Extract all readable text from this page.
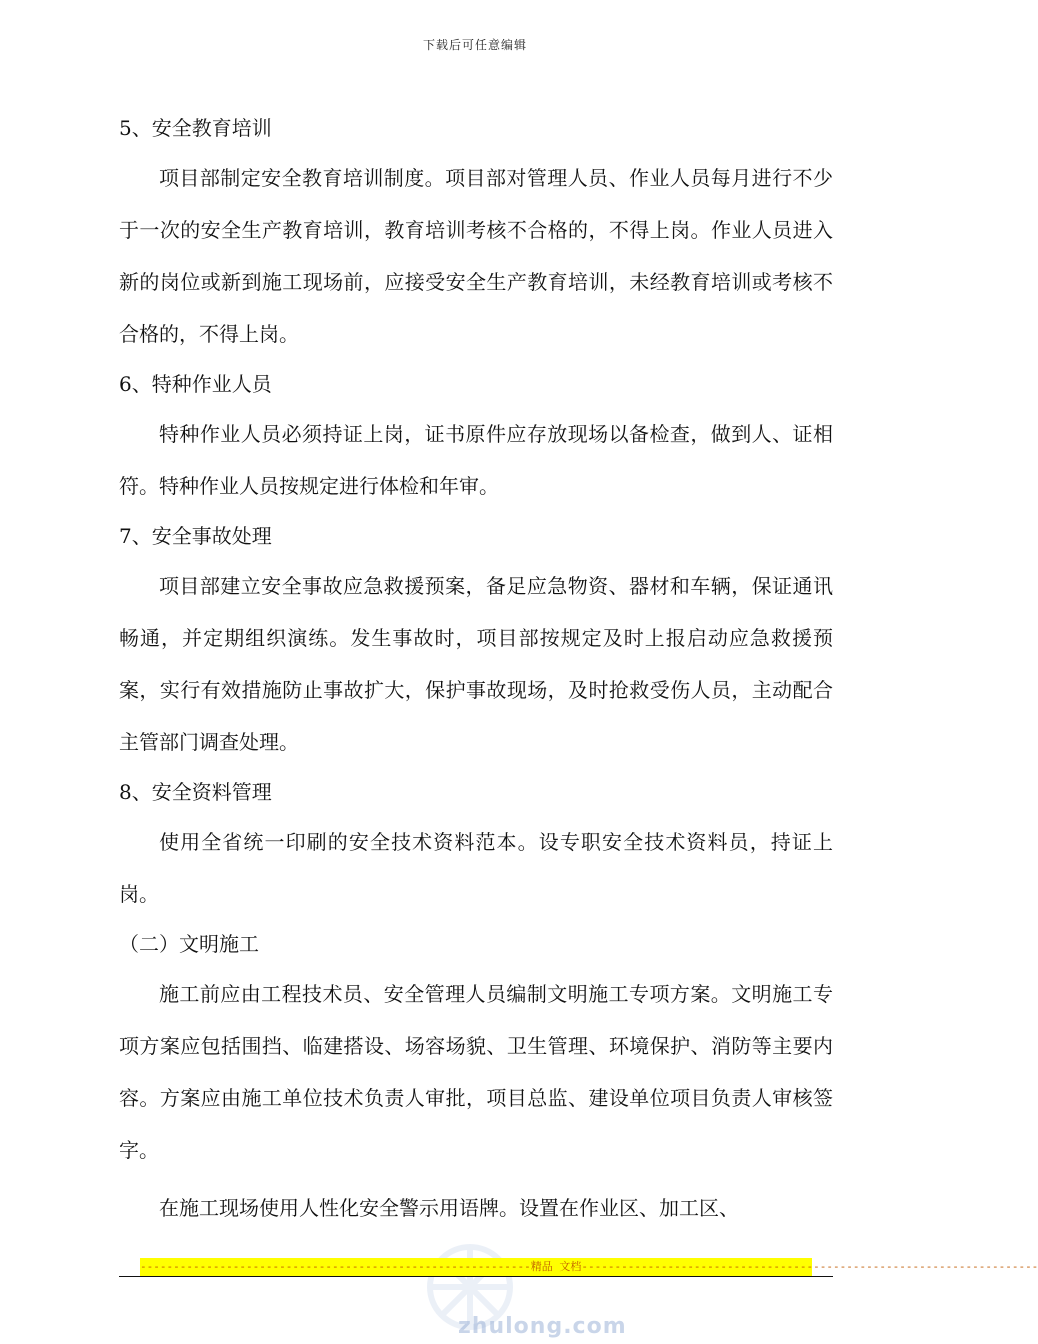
下载后可任意编辑

5、安全教育培训

项目部制定安全教育培训制度。项目部对管理人员、作业人员每月进行不少于一次的安全生产教育培训，教育培训考核不合格的，不得上岗。作业人员进入新的岗位或新到施工现场前，应接受安全生产教育培训，未经教育培训或考核不合格的，不得上岗。

6、特种作业人员

特种作业人员必须持证上岗，证书原件应存放现场以备检查，做到人、证相符。特种作业人员按规定进行体检和年审。

7、安全事故处理

项目部建立安全事故应急救援预案，备足应急物资、器材和车辆，保证通讯畅通，并定期组织演练。发生事故时，项目部按规定及时上报启动应急救援预案，实行有效措施防止事故扩大，保护事故现场，及时抢救受伤人员，主动配合主管部门调查处理。

8、安全资料管理

使用全省统一印刷的安全技术资料范本。设专职安全技术资料员，持证上岗。

（二）文明施工

施工前应由工程技术员、安全管理人员编制文明施工专项方案。文明施工专项方案应包括围挡、临建搭设、场容场貌、卫生管理、环境保护、消防等主要内容。方案应由施工单位技术负责人审批，项目总监、建设单位项目负责人审核签字。

在施工现场使用人性化安全警示用语牌。设置在作业区、加工区、

zhulong.com
-----------------------------------------------------------精品 文档---------------------------------------------------------------------
